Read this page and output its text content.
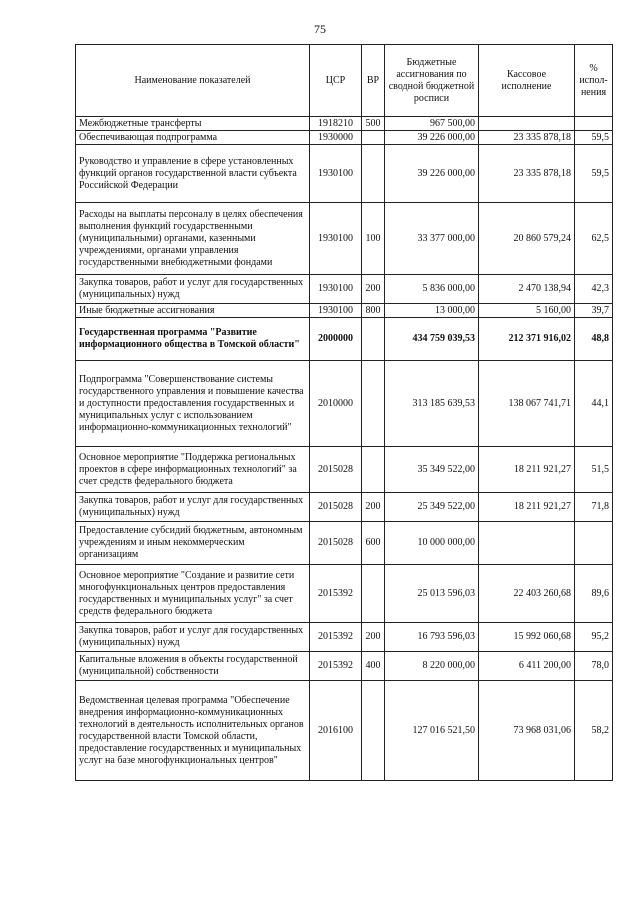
75
Наименование показателей	ЦСР	ВР	Бюджетные ассигнования по сводной бюджетной росписи	Кассовое исполнение	% испол-нения
Межбюджетные трансферты	1918210	500	967 500,00		
Обеспечивающая подпрограмма	1930000		39 226 000,00	23 335 878,18	59,5
Руководство и управление в сфере установленных функций органов государственной власти субъекта Российской Федерации	1930100		39 226 000,00	23 335 878,18	59,5
Расходы на выплаты персоналу в целях обеспечения выполнения функций государственными (муниципальными) органами, казенными учреждениями, органами управления государственными внебюджетными фондами	1930100	100	33 377 000,00	20 860 579,24	62,5
Закупка товаров, работ и услуг для государственных (муниципальных) нужд	1930100	200	5 836 000,00	2 470 138,94	42,3
Иные бюджетные ассигнования	1930100	800	13 000,00	5 160,00	39,7
Государственная программа "Развитие информационного общества в Томской области"	2000000		434 759 039,53	212 371 916,02	48,8
Подпрограмма "Совершенствование системы государственного управления и повышение качества и доступности предоставления государственных и муниципальных услуг с использованием информационно-коммуникационных технологий"	2010000		313 185 639,53	138 067 741,71	44,1
Основное мероприятие "Поддержка региональных проектов в сфере информационных технологий" за счет средств федерального бюджета	2015028		35 349 522,00	18 211 921,27	51,5
Закупка товаров, работ и услуг для государственных (муниципальных) нужд	2015028	200	25 349 522,00	18 211 921,27	71,8
Предоставление субсидий бюджетным, автономным учреждениям и иным некоммерческим организациям	2015028	600	10 000 000,00		
Основное мероприятие "Создание и развитие сети многофункциональных центров предоставления государственных и муниципальных услуг" за счет средств федерального бюджета	2015392		25 013 596,03	22 403 260,68	89,6
Закупка товаров, работ и услуг для государственных (муниципальных) нужд	2015392	200	16 793 596,03	15 992 060,68	95,2
Капитальные вложения в объекты государственной (муниципальной) собственности	2015392	400	8 220 000,00	6 411 200,00	78,0
Ведомственная целевая программа "Обеспечение внедрения информационно-коммуникационных технологий в деятельность исполнительных органов государственной власти Томской области, предоставление государственных и муниципальных услуг на базе многофункциональных центров"	2016100		127 016 521,50	73 968 031,06	58,2
